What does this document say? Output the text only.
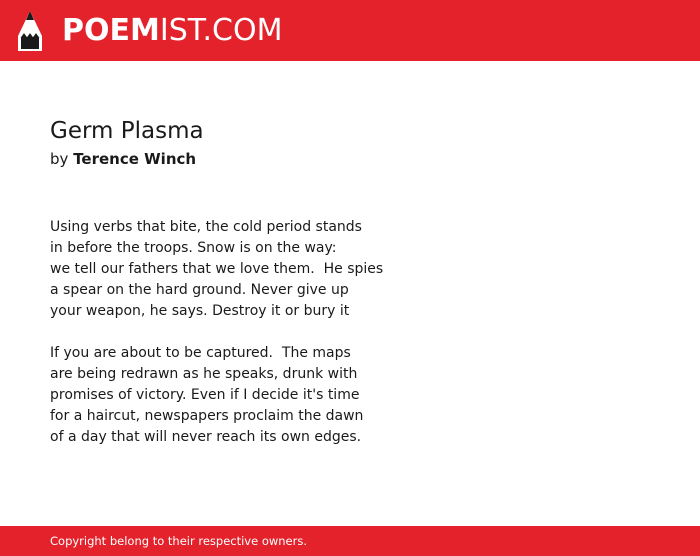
POEMIST.COM
Germ Plasma
by Terence Winch
Using verbs that bite, the cold period stands
in before the troops. Snow is on the way:
we tell our fathers that we love them.  He spies
a spear on the hard ground. Never give up
your weapon, he says. Destroy it or bury it
If you are about to be captured.  The maps
are being redrawn as he speaks, drunk with
promises of victory. Even if I decide it's time
for a haircut, newspapers proclaim the dawn
of a day that will never reach its own edges.
Copyright belong to their respective owners.
